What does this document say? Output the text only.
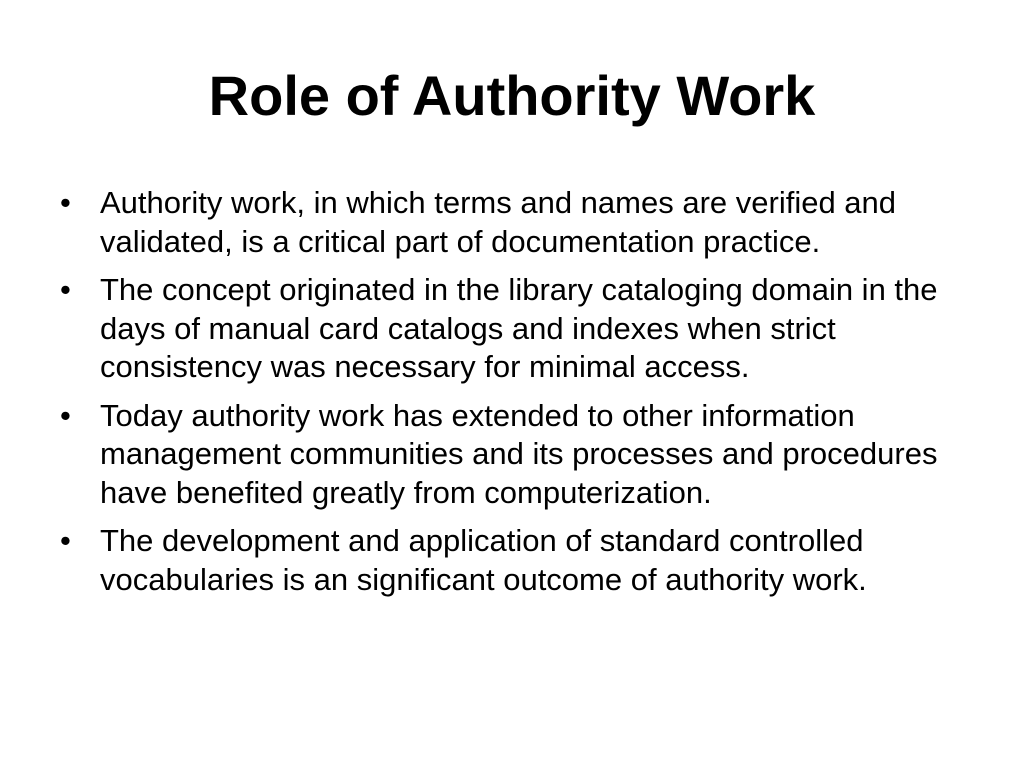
Role of Authority Work
• Authority work, in which terms and names are verified and validated, is a critical part of documentation practice.
• The concept originated in the library cataloging domain in the days of manual card catalogs and indexes when strict consistency was necessary for minimal access.
• Today authority work has extended to other information management communities and its processes and procedures have benefited greatly from computerization.
• The development and application of standard controlled vocabularies is an significant outcome of authority work.
